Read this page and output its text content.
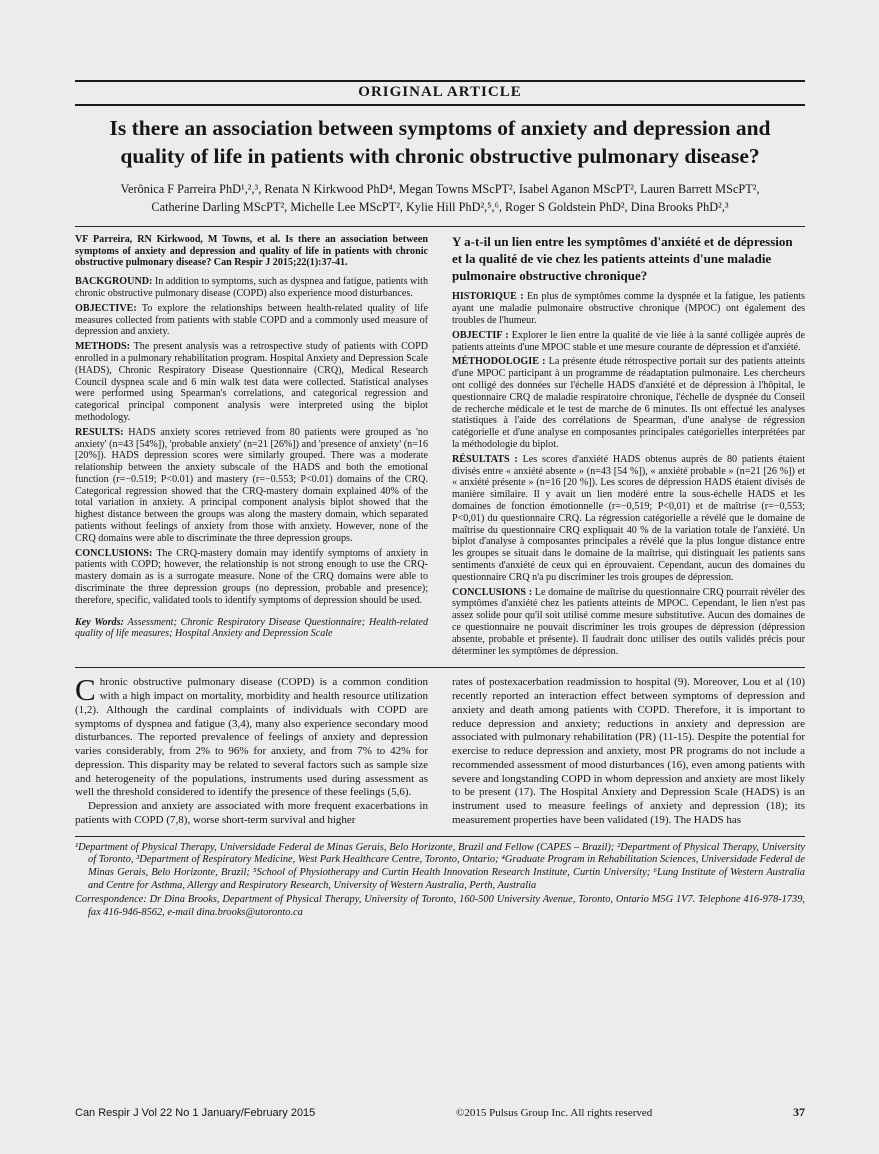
ORIGINAL ARTICLE
Is there an association between symptoms of anxiety and depression and quality of life in patients with chronic obstructive pulmonary disease?
Verônica F Parreira PhD¹,²,³, Renata N Kirkwood PhD⁴, Megan Towns MScPT², Isabel Aganon MScPT², Lauren Barrett MScPT²,
Catherine Darling MScPT², Michelle Lee MScPT², Kylie Hill PhD²,⁵,⁶, Roger S Goldstein PhD², Dina Brooks PhD²,³

VF Parreira, RN Kirkwood, M Towns, et al. Is there an association between symptoms of anxiety and depression and quality of life in patients with chronic obstructive pulmonary disease? Can Respir J 2015;22(1):37-41.

BACKGROUND: In addition to symptoms, such as dyspnea and fatigue, patients with chronic obstructive pulmonary disease (COPD) also experience mood disturbances.

OBJECTIVE: To explore the relationships between health-related quality of life measures collected from patients with stable COPD and a commonly used measure of depression and anxiety.

METHODS: The present analysis was a retrospective study of patients with COPD enrolled in a pulmonary rehabilitation program. Hospital Anxiety and Depression Scale (HADS), Chronic Respiratory Disease Questionnaire (CRQ), Medical Research Council dyspnea scale and 6 min walk test data were collected. Statistical analyses were performed using Spearman's correlations, and categorical regression and categorical principal component analysis were interpreted using the biplot methodology.

RESULTS: HADS anxiety scores retrieved from 80 patients were grouped as 'no anxiety' (n=43 [54%]), 'probable anxiety' (n=21 [26%]) and 'presence of anxiety' (n=16 [20%]). HADS depression scores were similarly grouped. There was a moderate relationship between the anxiety subscale of the HADS and both the emotional function (r=−0.519; P<0.01) and mastery (r=−0.553; P<0.01) domains of the CRQ. Categorical regression showed that the CRQ-mastery domain explained 40% of the total variation in anxiety. A principal component analysis biplot showed that the highest distance between the groups was along the mastery domain, which separated patients without feelings of anxiety from those with anxiety. However, none of the CRQ domains were able to discriminate the three depression groups.

CONCLUSIONS: The CRQ-mastery domain may identify symptoms of anxiety in patients with COPD; however, the relationship is not strong enough to use the CRQ-mastery domain as is a surrogate measure. None of the CRQ domains were able to discriminate the three depression groups (no depression, probable and presence); therefore, specific, validated tools to identify symptoms of depression should be used.

Key Words: Assessment; Chronic Respiratory Disease Questionnaire; Health-related quality of life measures; Hospital Anxiety and Depression Scale

Y a-t-il un lien entre les symptômes d'anxiété et de dépression et la qualité de vie chez les patients atteints d'une maladie pulmonaire obstructive chronique?

HISTORIQUE : En plus de symptômes comme la dyspnée et la fatigue, les patients ayant une maladie pulmonaire obstructive chronique (MPOC) ont également des troubles de l'humeur.

OBJECTIF : Explorer le lien entre la qualité de vie liée à la santé colligée auprès de patients atteints d'une MPOC stable et une mesure courante de dépression et d'anxiété.

MÉTHODOLOGIE : La présente étude rétrospective portait sur des patients atteints d'une MPOC participant à un programme de réadaptation pulmonaire. Les chercheurs ont colligé des données sur l'échelle HADS d'anxiété et de dépression à l'hôpital, le questionnaire CRQ de maladie respiratoire chronique, l'échelle de dyspnée du Conseil de recherche médicale et le test de marche de 6 minutes. Ils ont effectué les analyses statistiques à l'aide des corrélations de Spearman, d'une analyse de régression catégorielle et d'une analyse en composantes principales catégorielles interprétées par la méthodologie du biplot.

RÉSULTATS : Les scores d'anxiété HADS obtenus auprès de 80 patients étaient divisés entre « anxiété absente » (n=43 [54 %]), « anxiété probable » (n=21 [26 %]) et « anxiété présente » (n=16 [20 %]). Les scores de dépression HADS étaient divisés de manière similaire. Il y avait un lien modéré entre la sous-échelle HADS et les domaines de fonction émotionnelle (r=−0,519; P<0,01) et de maîtrise (r=−0,553; P<0,01) du questionnaire CRQ. La régression catégorielle a révélé que le domaine de maîtrise du questionnaire CRQ expliquait 40 % de la variation totale de l'anxiété. Un biplot d'analyse à composantes principales a révélé que la plus longue distance entre les groupes se situait dans le domaine de la maîtrise, qui distinguait les patients sans sentiments d'anxiété de ceux qui en éprouvaient. Cependant, aucun des domaines du questionnaire CRQ n'a pu discriminer les trois groupes de dépression.

CONCLUSIONS : Le domaine de maîtrise du questionnaire CRQ pourrait révéler des symptômes d'anxiété chez les patients atteints de MPOC. Cependant, le lien n'est pas assez solide pour qu'il soit utilisé comme mesure substitutive. Aucun des domaines de ce questionnaire ne pouvait discriminer les trois groupes de dépression (dépression absente, probable et présente). Il faudrait donc utiliser des outils validés précis pour déterminer les symptômes de dépression.

Chronic obstructive pulmonary disease (COPD) is a common condition with a high impact on mortality, morbidity and health resource utilization (1,2). Although the cardinal complaints of individuals with COPD are symptoms of dyspnea and fatigue (3,4), many also experience secondary mood disturbances. The reported prevalence of feelings of anxiety and depression varies considerably, from 2% to 96% for anxiety, and from 7% to 42% for depression. This disparity may be related to several factors such as sample size and heterogeneity of the populations, instruments used during assessment as well the threshold considered to identify the presence of these feelings (5,6).

Depression and anxiety are associated with more frequent exacerbations in patients with COPD (7,8), worse short-term survival and higher

rates of postexacerbation readmission to hospital (9). Moreover, Lou et al (10) recently reported an interaction effect between symptoms of depression and anxiety and death among patients with COPD. Therefore, it is important to reduce depression and anxiety; reductions in anxiety and depression are associated with pulmonary rehabilitation (PR) (11-15). Despite the potential for exercise to reduce depression and anxiety, most PR programs do not include a recommended assessment of mood disturbances (16), even among patients with severe and longstanding COPD in whom depression and anxiety are most likely to be present (17). The Hospital Anxiety and Depression Scale (HADS) is an instrument used to measure feelings of anxiety and depression (18); its measurement properties have been validated (19). The HADS has

¹Department of Physical Therapy, Universidade Federal de Minas Gerais, Belo Horizonte, Brazil and Fellow (CAPES – Brazil); ²Department of Physical Therapy, University of Toronto, ³Department of Respiratory Medicine, West Park Healthcare Centre, Toronto, Ontario; ⁴Graduate Program in Rehabilitation Sciences, Universidade Federal de Minas Gerais, Belo Horizonte, Brazil; ⁵School of Physiotherapy and Curtin Health Innovation Research Institute, Curtin University; ⁶Lung Institute of Western Australia and Centre for Asthma, Allergy and Respiratory Research, University of Western Australia, Perth, Australia

Correspondence: Dr Dina Brooks, Department of Physical Therapy, University of Toronto, 160-500 University Avenue, Toronto, Ontario M5G 1V7. Telephone 416-978-1739, fax 416-946-8562, e-mail dina.brooks@utoronto.ca

Can Respir J Vol 22 No 1 January/February 2015	©2015 Pulsus Group Inc. All rights reserved	37
